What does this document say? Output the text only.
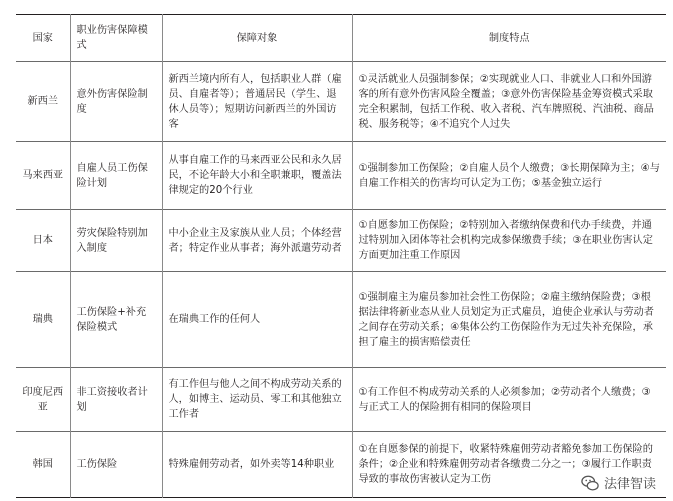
国家	职业伤害保障模式	保障对象	制度特点
新西兰	意外伤害保险制度	新西兰境内所有人，包括职业人群（雇员、自雇者等）；普通居民（学生、退休人员等）；短期访问新西兰的外国访客	①灵活就业人员强制参保；②实现就业人口、非就业人口和外国游客的所有意外伤害风险全覆盖；③意外伤害保险基金筹资模式采取完全积累制，包括工作税、收入者税、汽车牌照税、汽油税、商品税、服务税等；④不追究个人过失
马来西亚	自雇人员工伤保险计划	从事自雇工作的马来西亚公民和永久居民，不论年龄大小和全职兼职，覆盖法律规定的20个行业	①强制参加工伤保险；②自雇人员个人缴费；③长期保障为主；④与自雇工作相关的伤害均可认定为工伤；⑤基金独立运行
日本	劳灾保险特别加入制度	中小企业主及家族从业人员；个体经营者；特定作业从事者；海外派遣劳动者	①自愿参加工伤保险；②特别加入者缴纳保费和代办手续费，并通过特别加入团体等社会机构完成参保缴费手续；③在职业伤害认定方面更加注重工作原因
瑞典	工伤保险+补充保险模式	在瑞典工作的任何人	①强制雇主为雇员参加社会性工伤保险；②雇主缴纳保险费；③根据法律将新业态从业人员划定为正式雇员，迫使企业承认与劳动者之间存在劳动关系；④集体公约工伤保险作为无过失补充保险，承担了雇主的损害赔偿责任
印度尼西亚	非工资接收者计划	有工作但与他人之间不构成劳动关系的人，如博主、运动员、零工和其他独立工作者	①有工作但不构成劳动关系的人必须参加；②劳动者个人缴费；③与正式工人的保险拥有相同的保险项目
韩国	工伤保险	特殊雇佣劳动者，如外卖等14种职业	①在自愿参保的前提下，收紧特殊雇佣劳动者豁免参加工伤保险的条件；②企业和特殊雇佣劳动者各缴费二分之一；③履行工作职责导致的事故伤害被认定为工伤	法律智读
